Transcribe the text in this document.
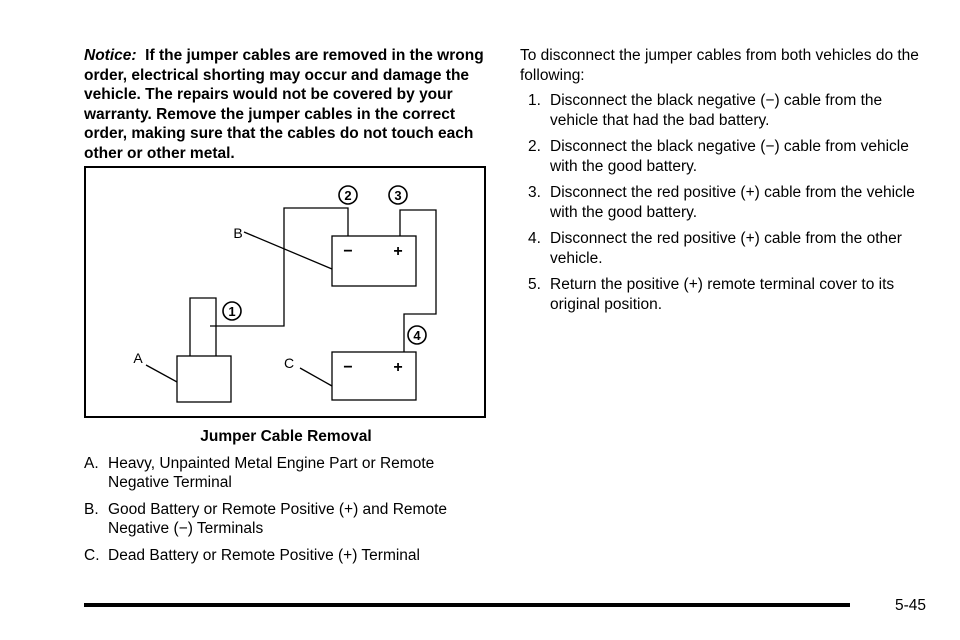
Notice: If the jumper cables are removed in the wrong order, electrical shorting may occur and damage the vehicle. The repairs would not be covered by your warranty. Remove the jumper cables in the correct order, making sure that the cables do not touch each other or other metal.

2	3
1
4
B
A	C
−	+
−	+
Jumper Cable Removal
A. Heavy, Unpainted Metal Engine Part or Remote Negative Terminal
B. Good Battery or Remote Positive (+) and Remote Negative (−) Terminals
C. Dead Battery or Remote Positive (+) Terminal

To disconnect the jumper cables from both vehicles do the following:

1. Disconnect the black negative (−) cable from the vehicle that had the bad battery.
2. Disconnect the black negative (−) cable from vehicle with the good battery.
3. Disconnect the red positive (+) cable from the vehicle with the good battery.
4. Disconnect the red positive (+) cable from the other vehicle.
5. Return the positive (+) remote terminal cover to its original position.
5-45
